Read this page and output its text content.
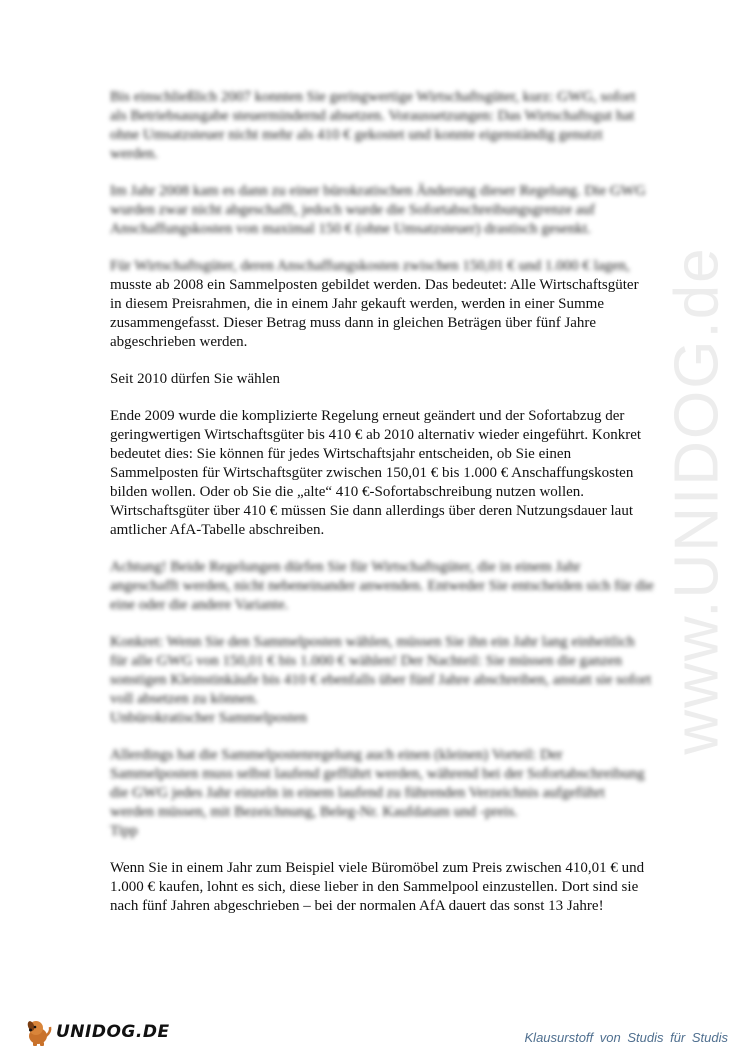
www.UNIDOG.de
Bis einschließlich 2007 konnten Sie geringwertige Wirtschaftsgüter, kurz: GWG, sofort
als Betriebsausgabe steuermindernd absetzen. Voraussetzungen: Das Wirtschaftsgut hat
ohne Umsatzsteuer nicht mehr als 410 € gekostet und konnte eigenständig genutzt
werden.
Im Jahr 2008 kam es dann zu einer bürokratischen Änderung dieser Regelung. Die GWG
wurden zwar nicht abgeschafft, jedoch wurde die Sofortabschreibungsgrenze auf
Anschaffungskosten von maximal 150 € (ohne Umsatzsteuer) drastisch gesenkt.
Für Wirtschaftsgüter, deren Anschaffungskosten zwischen 150,01 € und 1.000 € lagen,
musste ab 2008 ein Sammelposten gebildet werden. Das bedeutet: Alle Wirtschaftsgüter
in diesem Preisrahmen, die in einem Jahr gekauft werden, werden in einer Summe
zusammengefasst. Dieser Betrag muss dann in gleichen Beträgen über fünf Jahre
abgeschrieben werden.
Seit 2010 dürfen Sie wählen
Ende 2009 wurde die komplizierte Regelung erneut geändert und der Sofortabzug der
geringwertigen Wirtschaftsgüter bis 410 € ab 2010 alternativ wieder eingeführt. Konkret
bedeutet dies: Sie können für jedes Wirtschaftsjahr entscheiden, ob Sie einen
Sammelposten für Wirtschaftsgüter zwischen 150,01 € bis 1.000 € Anschaffungskosten
bilden wollen. Oder ob Sie die „alte“ 410 €-Sofortabschreibung nutzen wollen.
Wirtschaftsgüter über 410 € müssen Sie dann allerdings über deren Nutzungsdauer laut
amtlicher AfA-Tabelle abschreiben.
Achtung! Beide Regelungen dürfen Sie für Wirtschaftsgüter, die in einem Jahr
angeschafft werden, nicht nebeneinander anwenden. Entweder Sie entscheiden sich für die
eine oder die andere Variante.
Konkret: Wenn Sie den Sammelposten wählen, müssen Sie ihn ein Jahr lang einheitlich
für alle GWG von 150,01 € bis 1.000 € wählen! Der Nachteil: Sie müssen die ganzen
sonstigen Kleinstinkäufe bis 410 € ebenfalls über fünf Jahre abschreiben, anstatt sie sofort
voll absetzen zu können.
Unbürokratischer Sammelposten
Allerdings hat die Sammelpostenregelung auch einen (kleinen) Vorteil: Der
Sammelposten muss selbst laufend gefführt werden, während bei der Sofortabschreibung
die GWG jedes Jahr einzeln in einem laufend zu führenden Verzeichnis aufgeführt
werden müssen, mit Bezeichnung, Beleg-Nr. Kaufdatum und -preis.
Tipp
Wenn Sie in einem Jahr zum Beispiel viele Büromöbel zum Preis zwischen 410,01 € und
1.000 € kaufen, lohnt es sich, diese lieber in den Sammelpool einzustellen. Dort sind sie
nach fünf Jahren abgeschrieben – bei der normalen AfA dauert das sonst 13 Jahre!
UNIDOG.DE	Klausurstoff von Studis für Studis
